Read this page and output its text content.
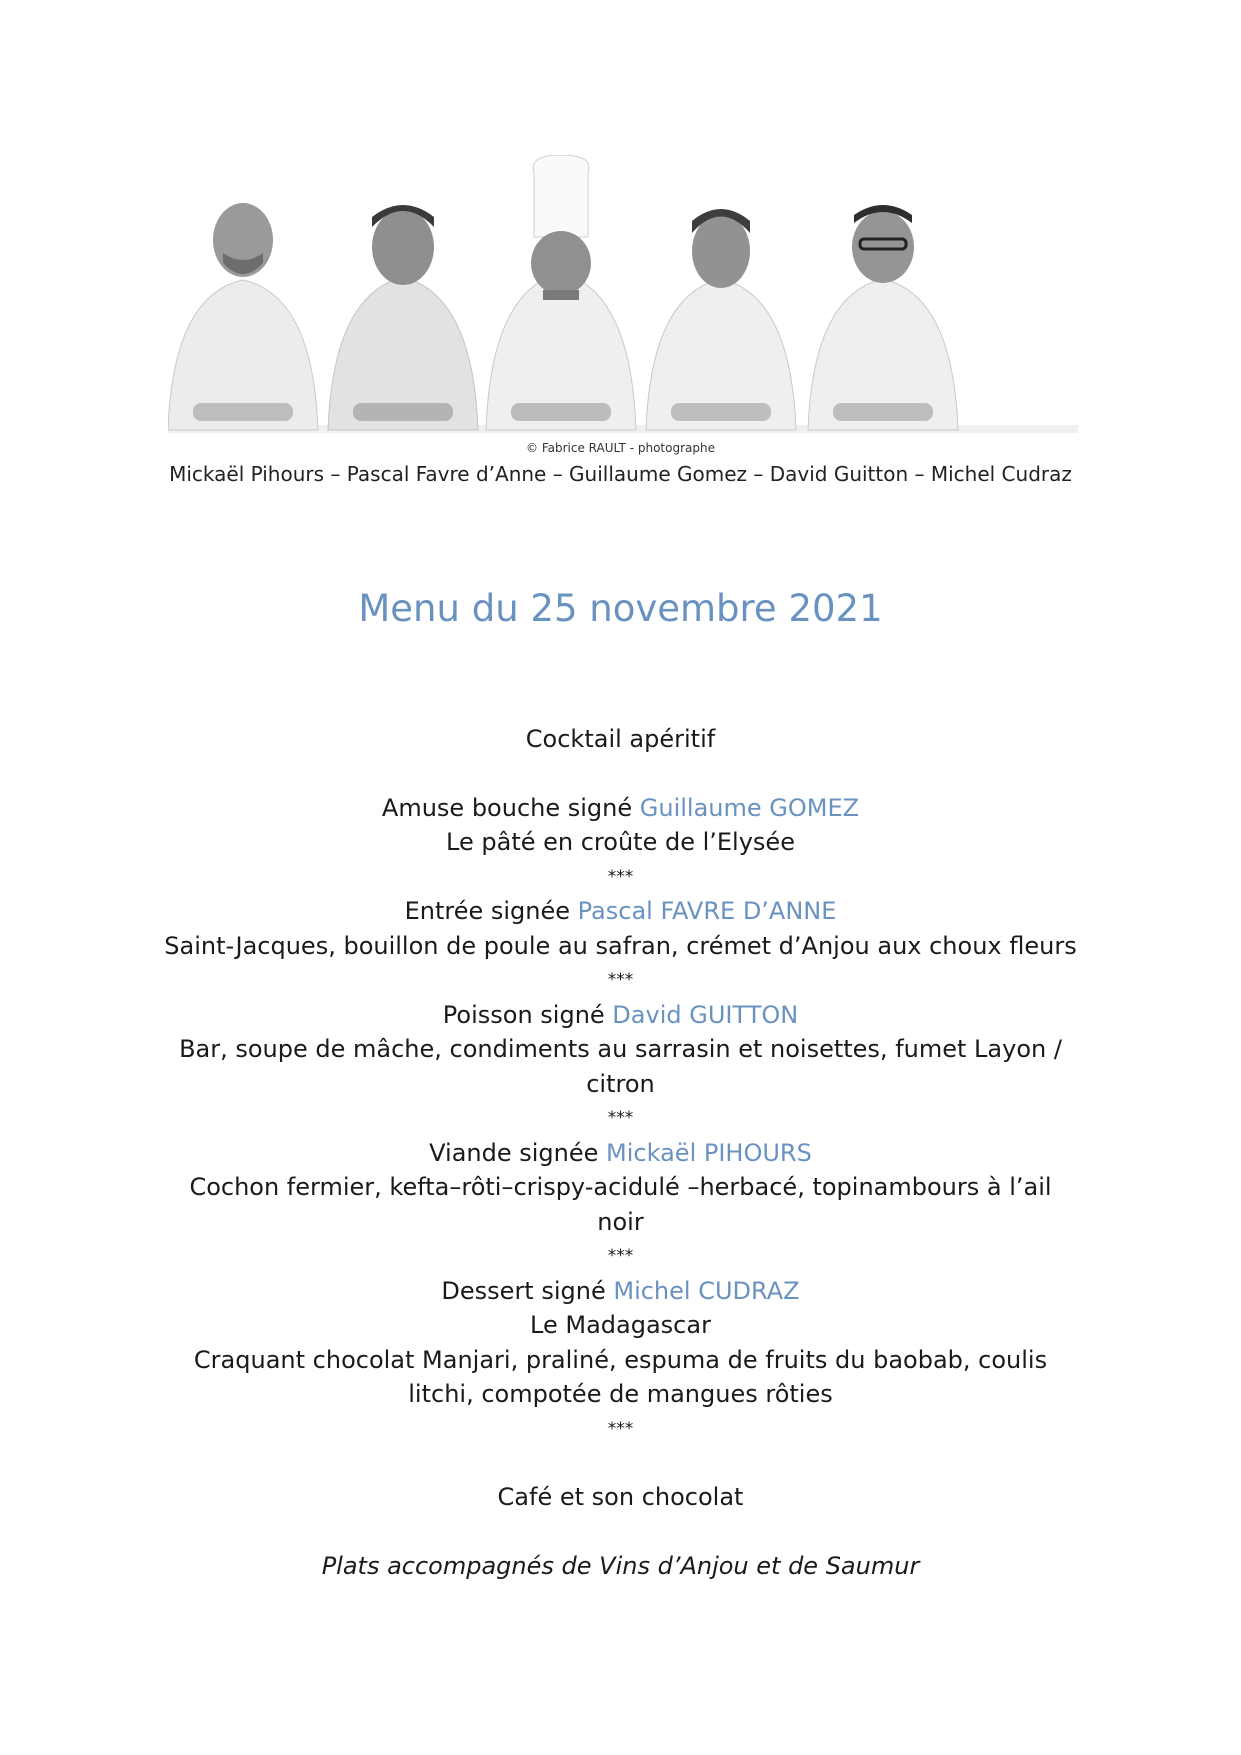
© Fabrice RAULT - photographe
Mickaël Pihours – Pascal Favre d’Anne – Guillaume Gomez – David Guitton – Michel Cudraz
Menu du 25 novembre 2021
Cocktail apéritif
Amuse bouche signé Guillaume GOMEZ
Le pâté en croûte de l’Elysée
***
Entrée signée Pascal FAVRE D’ANNE
Saint-Jacques, bouillon de poule au safran, crémet d’Anjou aux choux fleurs
***
Poisson signé David GUITTON
Bar, soupe de mâche, condiments au sarrasin et noisettes, fumet Layon /
citron
***
Viande signée Mickaël PIHOURS
Cochon fermier, kefta–rôti–crispy-acidulé –herbacé, topinambours à l’ail
noir
***
Dessert signé Michel CUDRAZ
Le Madagascar
Craquant chocolat Manjari, praliné, espuma de fruits du baobab, coulis
litchi, compotée de mangues rôties
***
Café et son chocolat
Plats accompagnés de Vins d’Anjou et de Saumur
